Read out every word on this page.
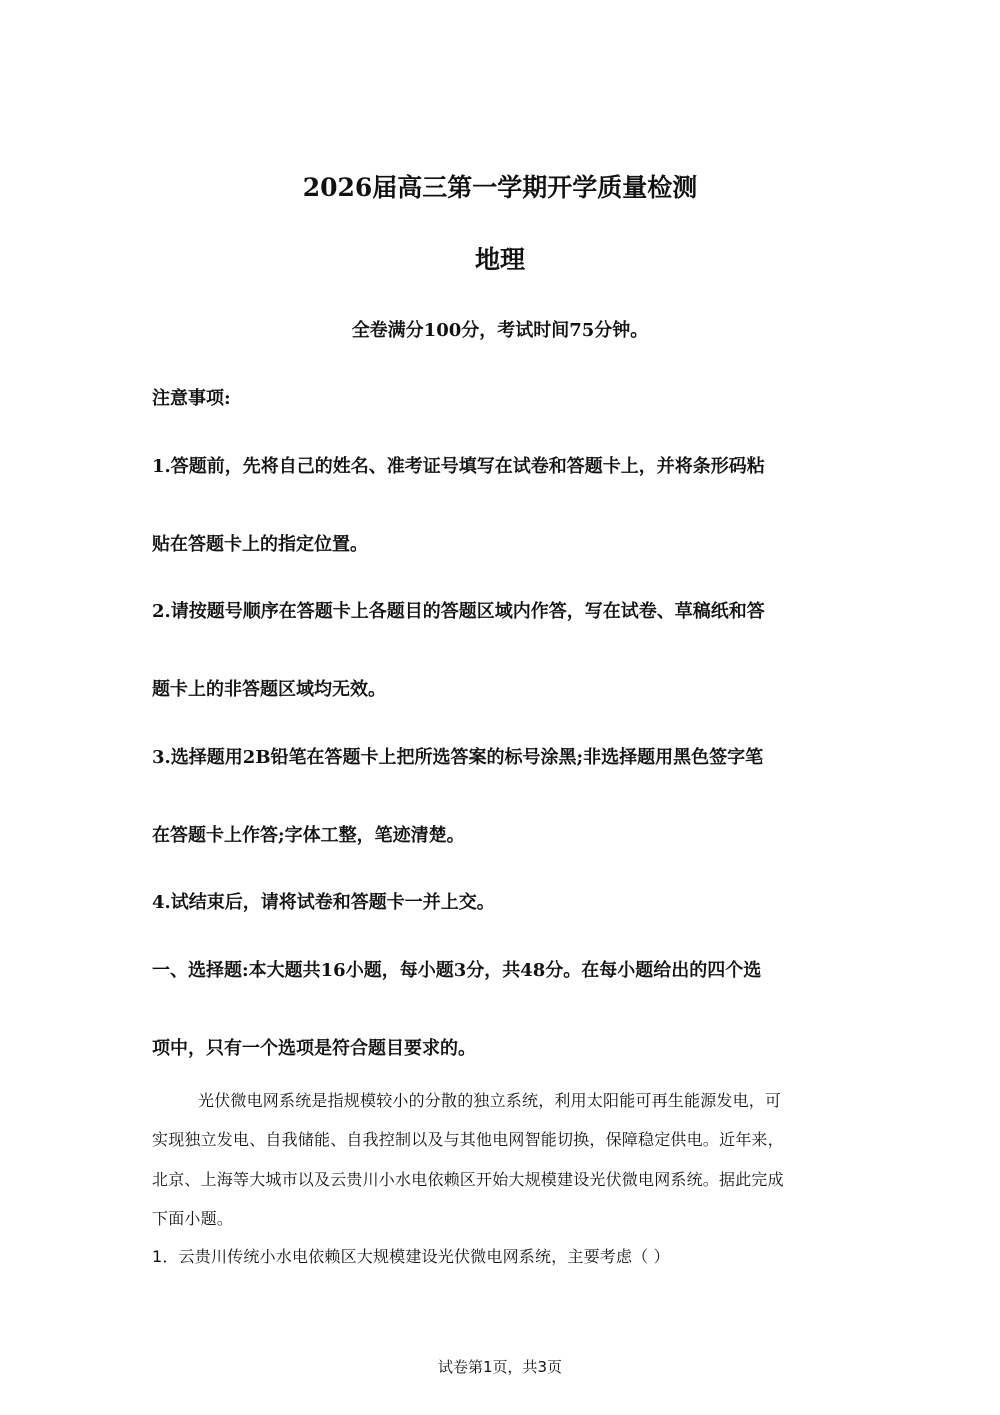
2026届高三第一学期开学质量检测
地理
全卷满分100分，考试时间75分钟。
注意事项:
1.答题前，先将自己的姓名、准考证号填写在试卷和答题卡上，并将条形码粘
贴在答题卡上的指定位置。
2.请按题号顺序在答题卡上各题目的答题区域内作答，写在试卷、草稿纸和答
题卡上的非答题区域均无效。
3.选择题用2B铅笔在答题卡上把所选答案的标号涂黑;非选择题用黑色签字笔
在答题卡上作答;字体工整，笔迹清楚。
4.试结束后，请将试卷和答题卡一并上交。
一、选择题:本大题共16小题，每小题3分，共48分。在每小题给出的四个选
项中，只有一个选项是符合题目要求的。
光伏微电网系统是指规模较小的分散的独立系统，利用太阳能可再生能源发电，可
实现独立发电、自我储能、自我控制以及与其他电网智能切换，保障稳定供电。近年来，
北京、上海等大城市以及云贵川小水电依赖区开始大规模建设光伏微电网系统。据此完成
下面小题。
1．云贵川传统小水电依赖区大规模建设光伏微电网系统，主要考虑（ ）
试卷第1页，共3页
